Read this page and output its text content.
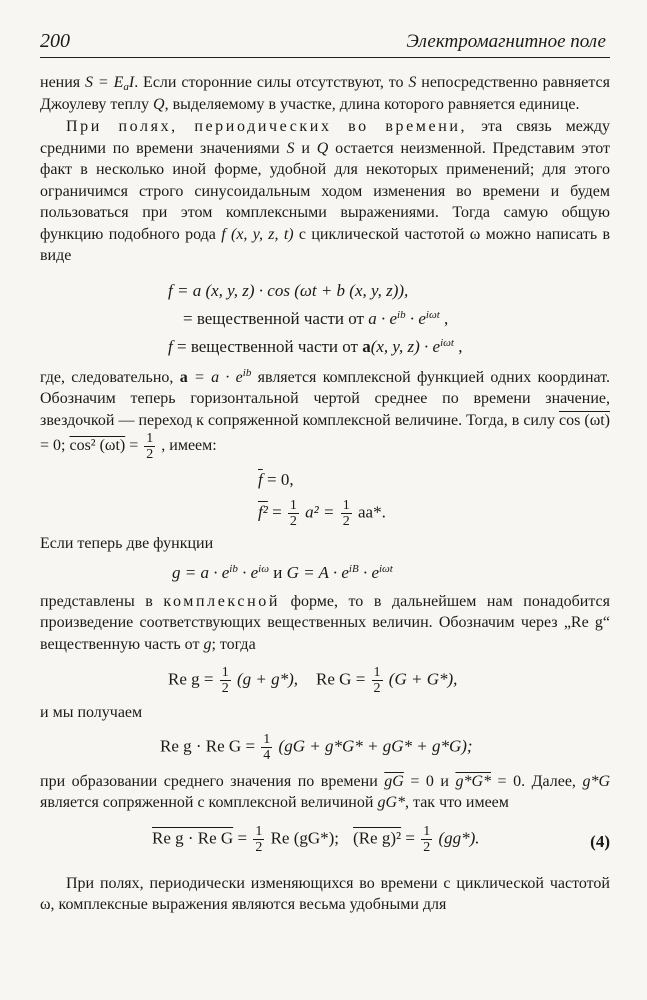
200	Электромагнитное поле

нения $S = E_aI$. Если сторонние силы отсутствуют, то S непосредственно равняется Джоулеву теплу Q, выделяемому в участке, длина которого равняется единице.

При полях, периодических во времени, эта связь между средними по времени значениями S и Q остается неизменной. Представим этот факт в несколько иной форме, удобной для некоторых применений; для этого ограничимся строго синусоидальным ходом изменения во времени и будем пользоваться при этом комплексными выражениями. Тогда самую общую функцию подобного рода f (x, y, z, t) с циклической частотой ω можно написать в виде

f = a (x, y, z) · cos (ωt + b (x, y, z)),
= вещественной части от $a \cdot e^{ib} \cdot e^{i\omega t}$ ,
f = вещественной части от a(x, y, $z) \cdot e^{i\omega t}$ ,

где, следовательно, $a = a \cdot e^{ib}$ является комплексной функцией одних координат. Обозначим теперь горизонтальной чертой среднее по времени значение, звездочкой — переход к сопряженной комплексной величине. Тогда, в силу cos (ωt) = 0; cos² $(\omega t) = \frac{1}{2}$ , имеем:

$\overline{f} = 0$,
$f^2 = \frac{1}{2} a^2 = \frac{1}{2} aa*$.

Если теперь две функции

$g = a \cdot e^{ib} \cdot e^{i\omega}$ и $G = A \cdot e^{iB} \cdot e^{i\omega t}$

представлены в комплексной форме, то в дальнейшем нам понадобится произведение соответствующих вещественных величин. Обозначим через „Re g“ вещественную часть от g; тогда

Re $g = \frac{1}{2} (g + g*)$, Re $G = \frac{1}{2} (G + G*)$,

и мы получаем

Re g · Re $G = \frac{1}{4} (gG + g*G* + gG* + g*G)$;

при образовании среднего значения по времени $\overline{gG} = 0$ и g*G* = 0. Далее, g*G является сопряженной с комплексной величиной gG*, так что имеем

Re g · Re $G = \frac{1}{2}$ Re (gG*); (Re $g)^2 = \frac{1}{2} (gg*)$.	(4)

При полях, периодически изменяющихся во времени с циклической частотой ω, комплексные выражения являются весьма удобными для
